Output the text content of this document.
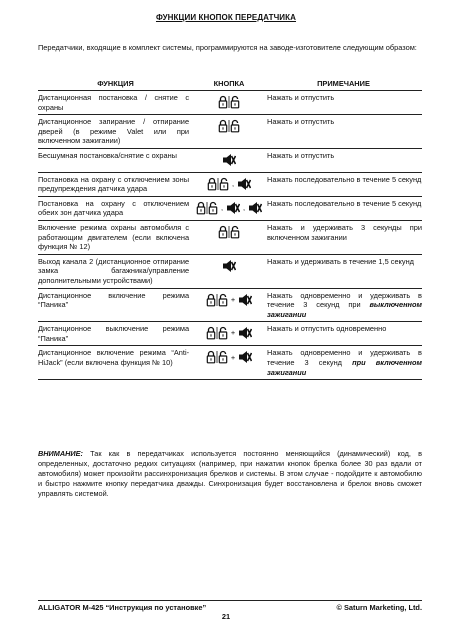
ФУНКЦИИ КНОПОК ПЕРЕДАТЧИКА
Передатчики, входящие в комплект системы, программируются на заводе-изготовителе следующим образом:
ФУНКЦИЯ	КНОПКА	ПРИМЕЧАНИЕ
Дистанционная постановка / снятие с охраны		Нажать и отпустить
Дистанционное запирание / отпирание дверей (в режиме Valet или при включенном зажигании)		Нажать и отпустить
Бесшумная постановка/снятие с охраны		Нажать и отпустить
Постановка на охрану с отключением зоны предупреждения датчика удара	,	Нажать последовательно в течение 5 секунд
Постановка на охрану с отключением обеих зон датчика удара	, ,	Нажать последовательно в течение 5 секунд
Включение режима охраны автомобиля с работающим двигателем (если включена функция № 12)		Нажать и удерживать 3 секунды при включенном зажигании
Выход канала 2 (дистанционное отпирание замка багажника/управление дополнительными устройствами)		Нажать и удерживать в течение 1,5 секунд
Дистанционное включение режима “Паника”	+	Нажать одновременно и удерживать в течение 3 секунд при выключенном зажигании
Дистанционное выключение режима “Паника”	+	Нажать и отпустить одновременно
Дистанционное включение режима “Anti-HiJack” (если включена функция № 10)	+	Нажать одновременно и удерживать в течение 3 секунд при включенном зажигании
ВНИМАНИЕ: Так как в передатчиках используется постоянно меняющийся (динамический) код, в определенных, достаточно редких ситуациях (например, при нажатии кнопок брелка более 30 раз вдали от автомобиля) может произойти рассинхронизация брелков и системы. В этом случае - подойдите к автомобилю и быстро нажмите кнопку передатчика дважды. Синхронизация будет восстановлена и брелок вновь сможет управлять системой.
ALLIGATOR M-425 “Инструкция по установке”	© Saturn Marketing, Ltd.
21
